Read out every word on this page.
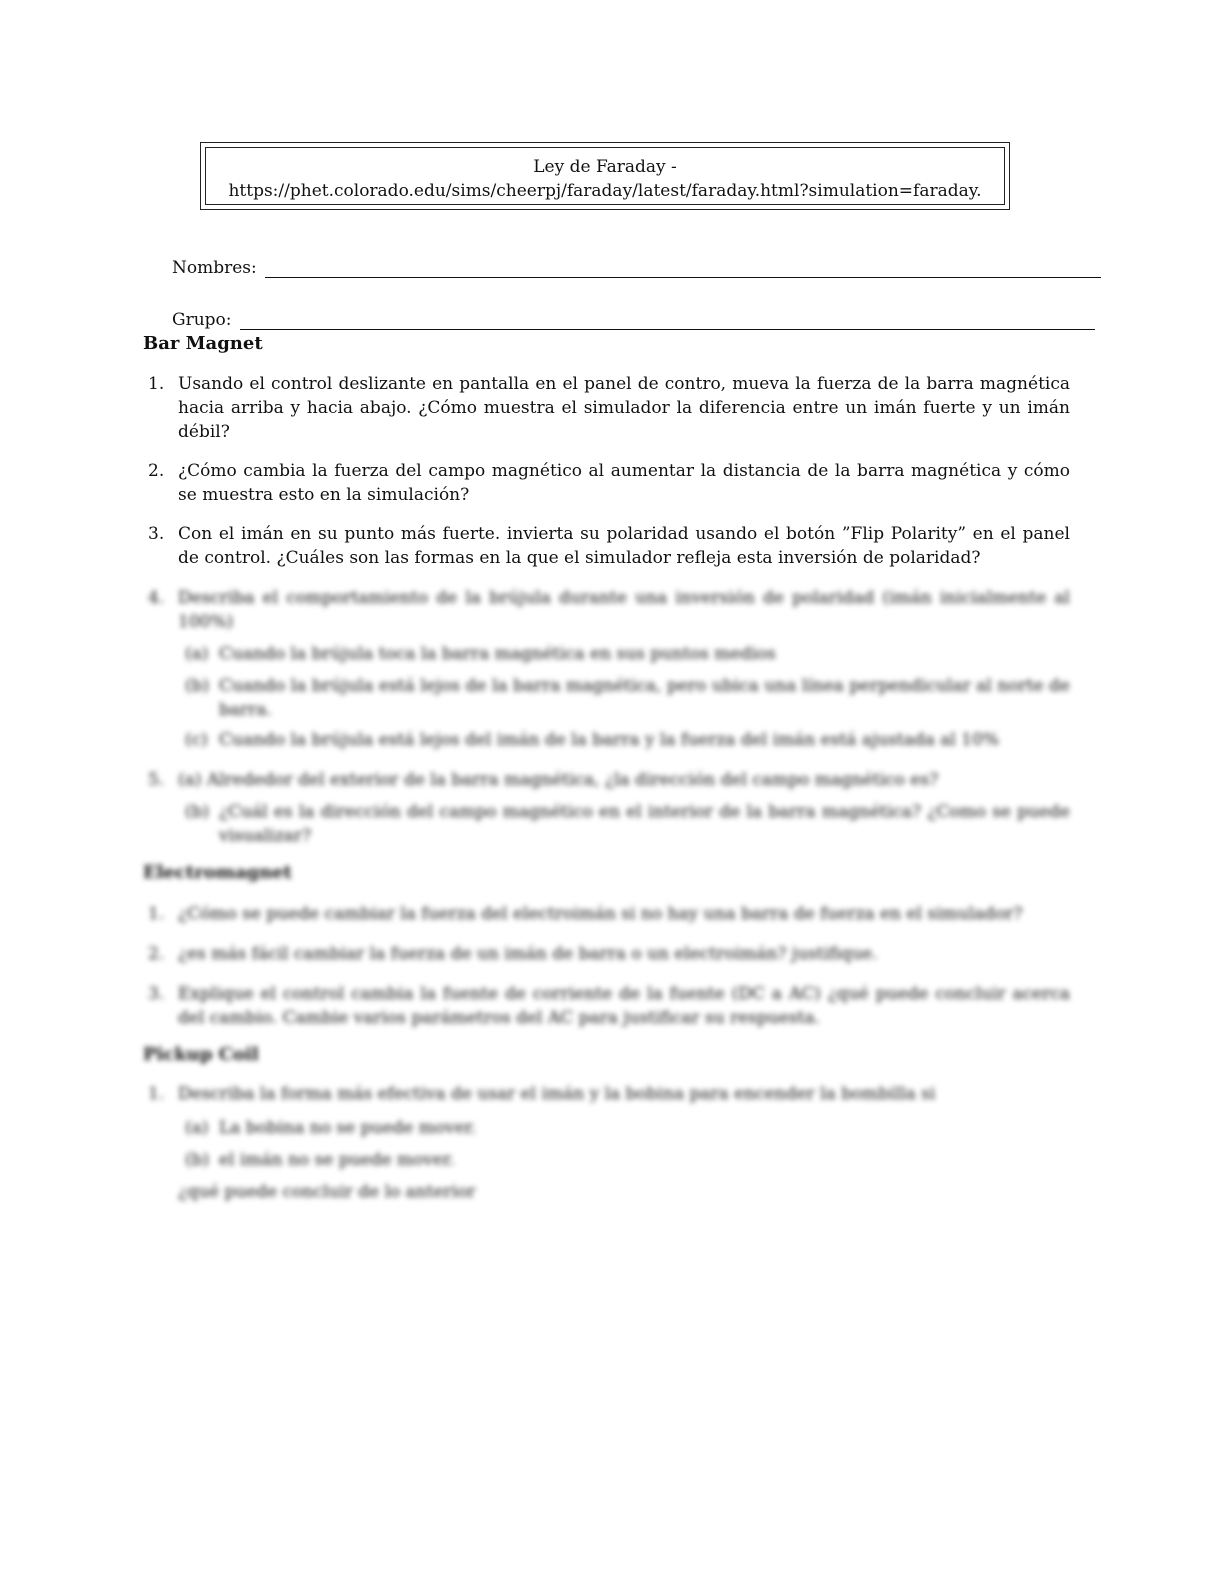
Ley de Faraday -
https://phet.colorado.edu/sims/cheerpj/faraday/latest/faraday.html?simulation=faraday.
Nombres:
Grupo:
Bar Magnet
1. Usando el control deslizante en pantalla en el panel de contro, mueva la fuerza de la barra magnética hacia arriba y hacia abajo. ¿Cómo muestra el simulador la diferencia entre un imán fuerte y un imán débil?
2. ¿Cómo cambia la fuerza del campo magnético al aumentar la distancia de la barra magnética y cómo se muestra esto en la simulación?
3. Con el imán en su punto más fuerte. invierta su polaridad usando el botón ”Flip Polarity” en el panel de control. ¿Cuáles son las formas en la que el simulador refleja esta inversión de polaridad?
4. Describa el comportamiento de la brújula durante una inversión de polaridad (imán inicialmente al 100%)
(a) Cuando la brújula toca la barra magnética en sus puntos medios
(b) Cuando la brújula está lejos de la barra magnética, pero ubica una línea perpendicular al norte de barra.
(c) Cuando la brújula está lejos del imán de la barra y la fuerza del imán está ajustada al 10%
5. (a) Alrededor del exterior de la barra magnética, ¿la dirección del campo magnético es?
(b) ¿Cuál es la dirección del campo magnético en el interior de la barra magnética? ¿Como se puede visualizar?
Electromagnet
1. ¿Cómo se puede cambiar la fuerza del electroimán si no hay una barra de fuerza en el simulador?
2. ¿es más fácil cambiar la fuerza de un imán de barra o un electroimán? justifique.
3. Explique el control cambia la fuente de corriente de la fuente (DC a AC) ¿qué puede concluir acerca del cambio. Cambie varios parámetros del AC para justificar su respuesta.
Pickup Coil
1. Describa la forma más efectiva de usar el imán y la bobina para encender la bombilla si
(a) La bobina no se puede mover.
(b) el imán no se puede mover.
¿qué puede concluir de lo anterior
